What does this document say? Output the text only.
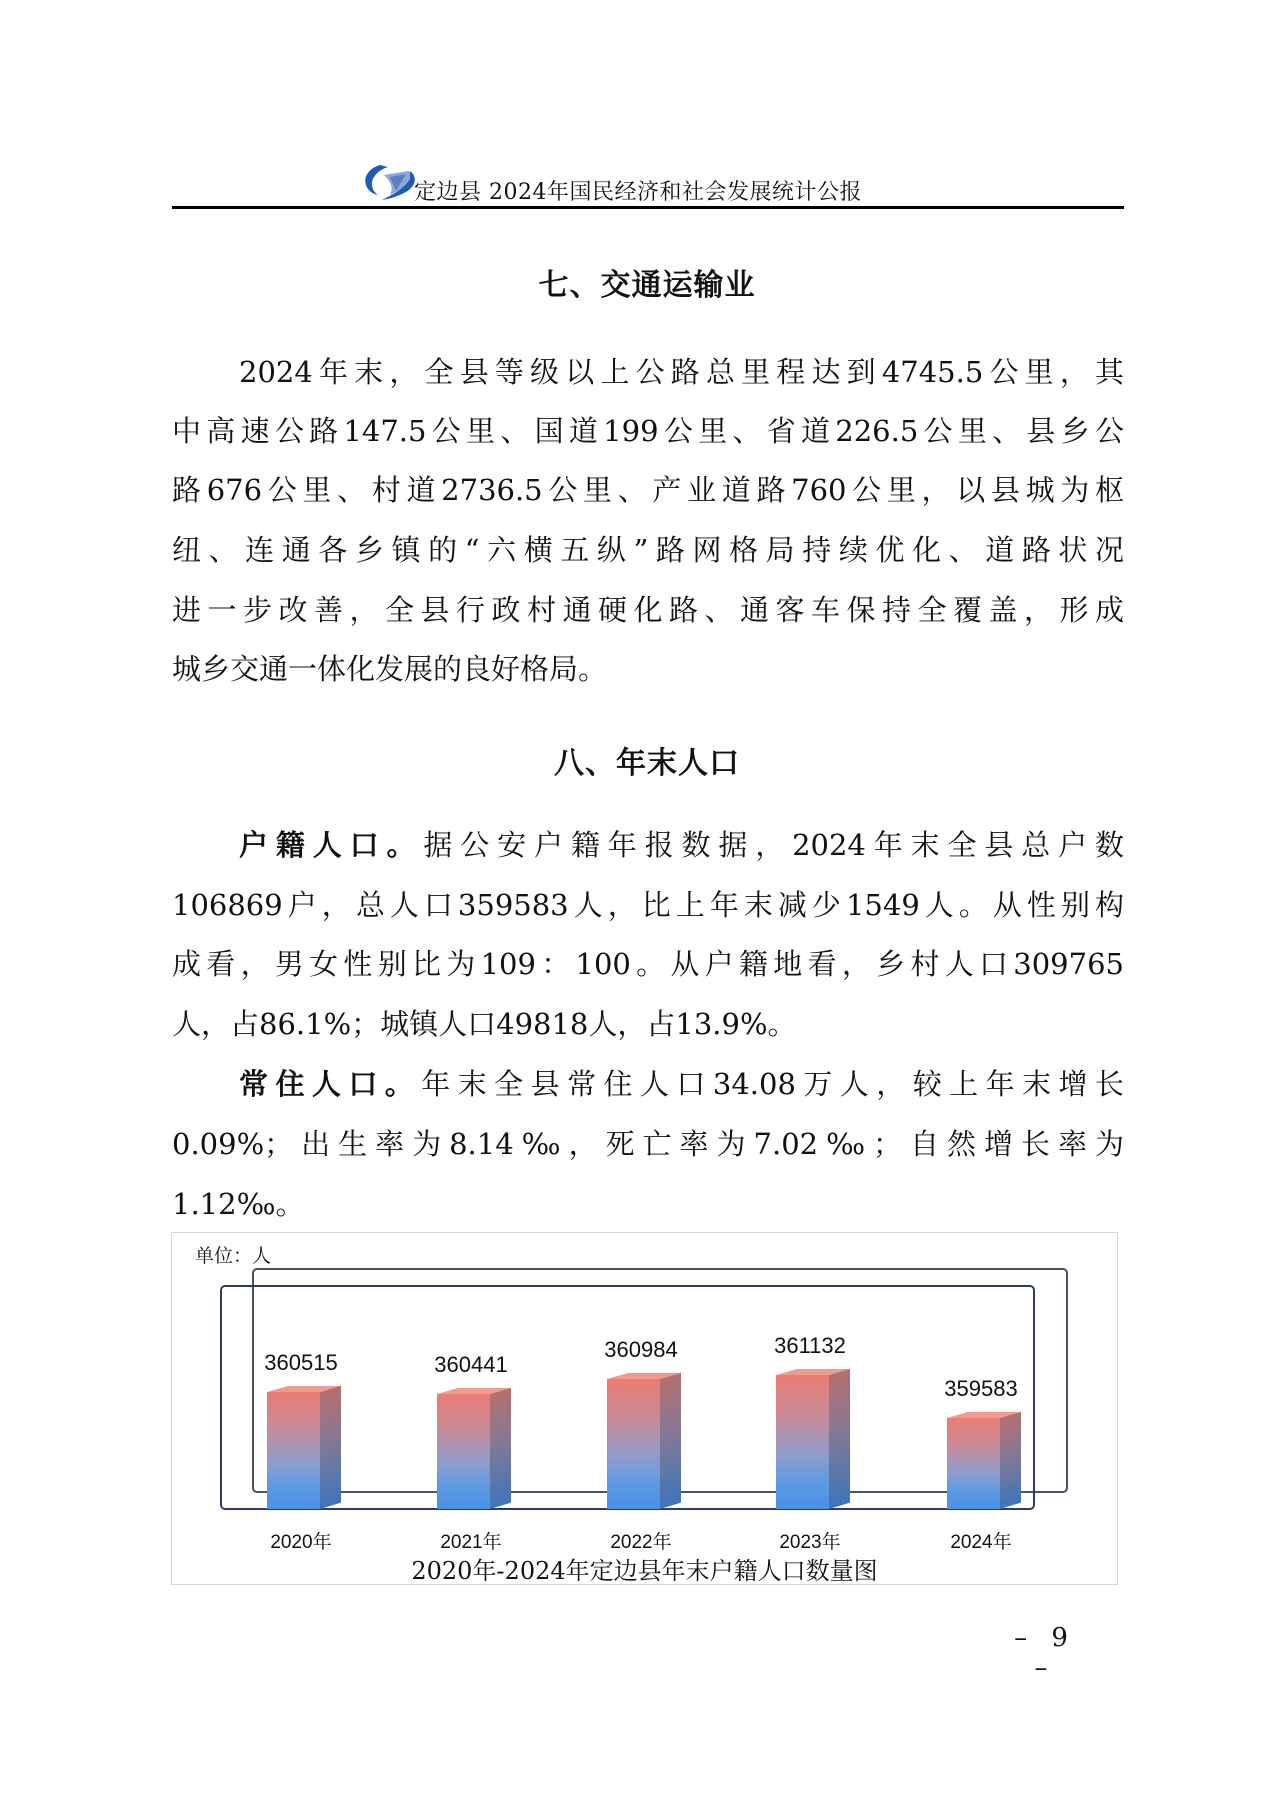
定边县 2024年国民经济和社会发展统计公报
七、交通运输业
2024年末，全县等级以上公路总里程达到4745.5公里，其
中高速公路147.5公里、国道199公里、省道226.5公里、县乡公
路676公里、村道2736.5公里、产业道路760公里，以县城为枢
纽、连通各乡镇的“六横五纵”路网格局持续优化、道路状况
进一步改善，全县行政村通硬化路、通客车保持全覆盖，形成
城乡交通一体化发展的良好格局。
八、年末人口
户籍人口。据公安户籍年报数据，2024年末全县总户数
106869户，总人口359583人，比上年末减少1549人。从性别构
成看，男女性别比为109：100。从户籍地看，乡村人口309765
人，占86.1%；城镇人口49818人，占13.9%。
常住人口。年末全县常住人口34.08万人，较上年末增长
0.09%；出生率为8.14‰，死亡率为7.02‰；自然增长率为
1.12‰。
单位：人
360515
2020年
360441
2021年
360984
2022年
361132
2023年
359583
2024年
2020年-2024年定边县年末户籍人口数量图
– 9 –
